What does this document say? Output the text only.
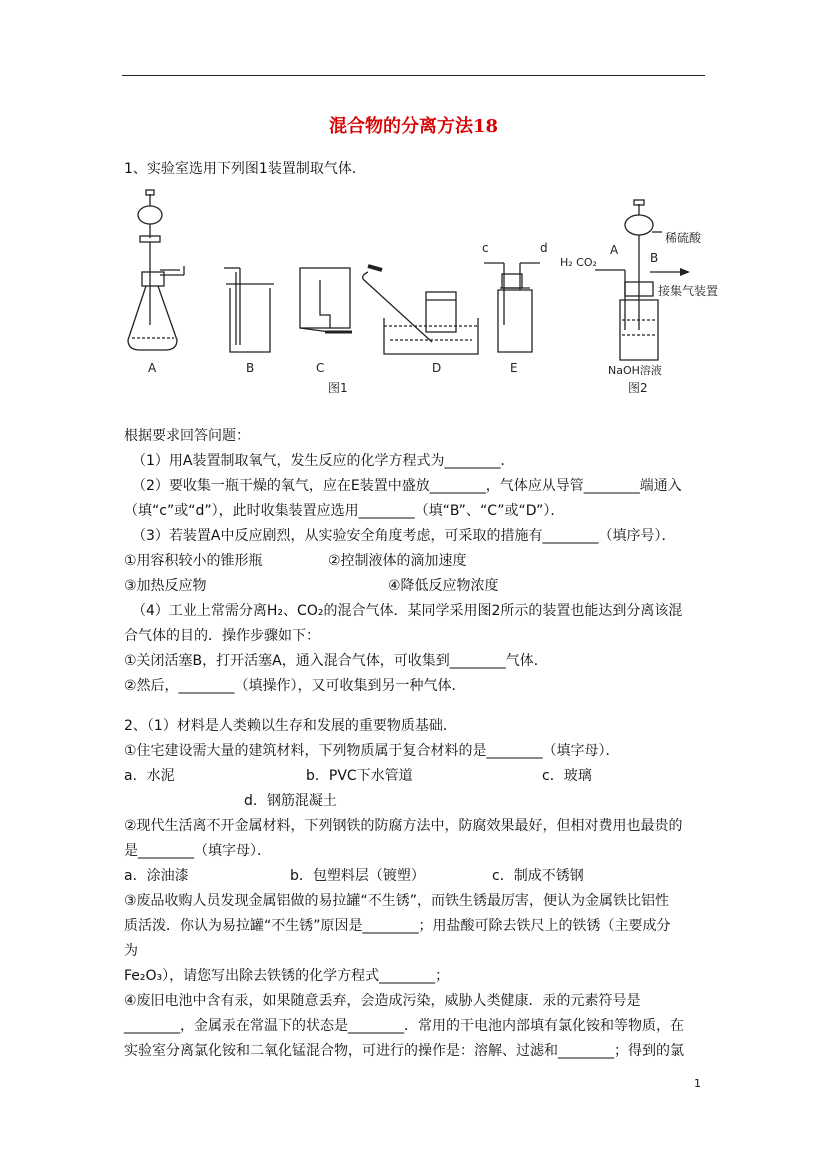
混合物的分离方法18
1、实验室选用下列图1装置制取气体．
A	B	C	D	E
图1
c	d
H₂ CO₂
稀硫酸
A
B
接集气装置
NaOH溶液
图2
根据要求回答问题：
（1）用A装置制取氧气，发生反应的化学方程式为________．
（2）要收集一瓶干燥的氧气，应在E装置中盛放________，气体应从导管________端通入
（填“c”或“d”），此时收集装置应选用________（填“B”、“C”或“D”）．
（3）若装置A中反应剧烈，从实验安全角度考虑，可采取的措施有________（填序号）．
①用容积较小的锥形瓶	②控制液体的滴加速度
③加热反应物	④降低反应物浓度
（4）工业上常需分离H₂、CO₂的混合气体．某同学采用图2所示的装置也能达到分离该混
合气体的目的．操作步骤如下：
①关闭活塞B，打开活塞A，通入混合气体，可收集到________气体．
②然后，________（填操作），又可收集到另一种气体．
2、（1）材料是人类赖以生存和发展的重要物质基础．
①住宅建设需大量的建筑材料，下列物质属于复合材料的是________（填字母）．
a．水泥	b．PVC下水管道	c．玻璃
d．钢筋混凝土
②现代生活离不开金属材料，下列钢铁的防腐方法中，防腐效果最好，但相对费用也最贵的
是________（填字母）．
a．涂油漆	b．包塑料层（镀塑）	c．制成不锈钢
③废品收购人员发现金属铝做的易拉罐“不生锈”，而铁生锈最厉害，便认为金属铁比铝性
质活泼．你认为易拉罐“不生锈”原因是________；用盐酸可除去铁尺上的铁锈（主要成分
为
Fe₂O₃），请您写出除去铁锈的化学方程式________；
④废旧电池中含有汞，如果随意丢弃，会造成污染，威胁人类健康．汞的元素符号是
________，金属汞在常温下的状态是________．常用的干电池内部填有氯化铵和等物质，在
实验室分离氯化铵和二氧化锰混合物，可进行的操作是：溶解、过滤和________；得到的氯
1
